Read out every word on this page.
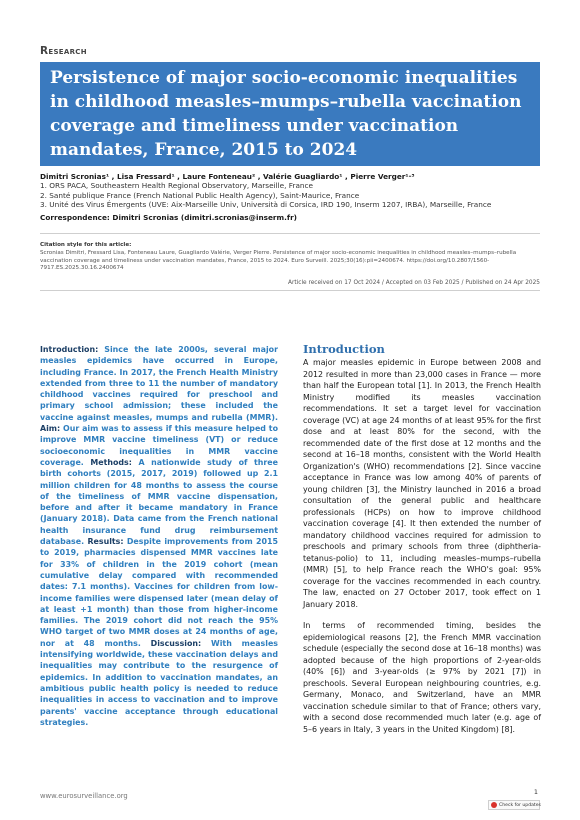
Research
Persistence of major socio-economic inequalities in childhood measles–mumps–rubella vaccination coverage and timeliness under vaccination mandates, France, 2015 to 2024
Dimitri Scronias¹ , Lisa Fressard¹ , Laure Fonteneau² , Valérie Guagliardo¹ , Pierre Verger¹·³
1. ORS PACA, Southeastern Health Regional Observatory, Marseille, France
2. Santé publique France (French National Public Health Agency), Saint-Maurice, France
3. Unité des Virus Émergents (UVE: Aix-Marseille Univ, Università di Corsica, IRD 190, Inserm 1207, IRBA), Marseille, France
Correspondence: Dimitri Scronias (dimitri.scronias@inserm.fr)
Citation style for this article:
Scronias Dimitri, Fressard Lisa, Fonteneau Laure, Guagliardo Valérie, Verger Pierre. Persistence of major socio-economic inequalities in childhood measles–mumps–rubella vaccination coverage and timeliness under vaccination mandates, France, 2015 to 2024. Euro Surveill. 2025;30(16):pii=2400674. https://doi.org/10.2807/1560-7917.ES.2025.30.16.2400674
Article received on 17 Oct 2024 / Accepted on 03 Feb 2025 / Published on 24 Apr 2025
Introduction: Since the late 2000s, several major measles epidemics have occurred in Europe, including France. In 2017, the French Health Ministry extended from three to 11 the number of mandatory childhood vaccines required for preschool and primary school admission; these included the vaccine against measles, mumps and rubella (MMR). Aim: Our aim was to assess if this measure helped to improve MMR vaccine timeliness (VT) or reduce socioeconomic inequalities in MMR vaccine coverage. Methods: A nationwide study of three birth cohorts (2015, 2017, 2019) followed up 2.1 million children for 48 months to assess the course of the timeliness of MMR vaccine dispensation, before and after it became mandatory in France (January 2018). Data came from the French national health insurance fund drug reimbursement database. Results: Despite improvements from 2015 to 2019, pharmacies dispensed MMR vaccines late for 33% of children in the 2019 cohort (mean cumulative delay compared with recommended dates: 7.1 months). Vaccines for children from low-income families were dispensed later (mean delay of at least +1 month) than those from higher-income families. The 2019 cohort did not reach the 95% WHO target of two MMR doses at 24 months of age, nor at 48 months. Discussion: With measles intensifying worldwide, these vaccination delays and inequalities may contribute to the resurgence of epidemics. In addition to vaccination mandates, an ambitious public health policy is needed to reduce inequalities in access to vaccination and to improve parents' vaccine acceptance through educational strategies.
Introduction

A major measles epidemic in Europe between 2008 and 2012 resulted in more than 23,000 cases in France — more than half the European total [1]. In 2013, the French Health Ministry modified its measles vaccination recommendations. It set a target level for vaccination coverage (VC) at age 24 months of at least 95% for the first dose and at least 80% for the second, with the recommended date of the first dose at 12 months and the second at 16–18 months, consistent with the World Health Organization's (WHO) recommendations [2]. Since vaccine acceptance in France was low among 40% of parents of young children [3], the Ministry launched in 2016 a broad consultation of the general public and healthcare professionals (HCPs) on how to improve childhood vaccination coverage [4]. It then extended the number of mandatory childhood vaccines required for admission to preschools and primary schools from three (diphtheria-tetanus-polio) to 11, including measles–mumps–rubella (MMR) [5], to help France reach the WHO's goal: 95% coverage for the vaccines recommended in each country. The law, enacted on 27 October 2017, took effect on 1 January 2018.

In terms of recommended timing, besides the epidemiological reasons [2], the French MMR vaccination schedule (especially the second dose at 16–18 months) was adopted because of the high proportions of 2-year-olds (40% [6]) and 3-year-olds (≥ 97% by 2021 [7]) in preschools. Several European neighbouring countries, e.g. Germany, Monaco, and Switzerland, have an MMR vaccination schedule similar to that of France; others vary, with a second dose recommended much later (e.g. age of 5–6 years in Italy, 3 years in the United Kingdom) [8].

www.eurosurveillance.org	1
Check for updates
